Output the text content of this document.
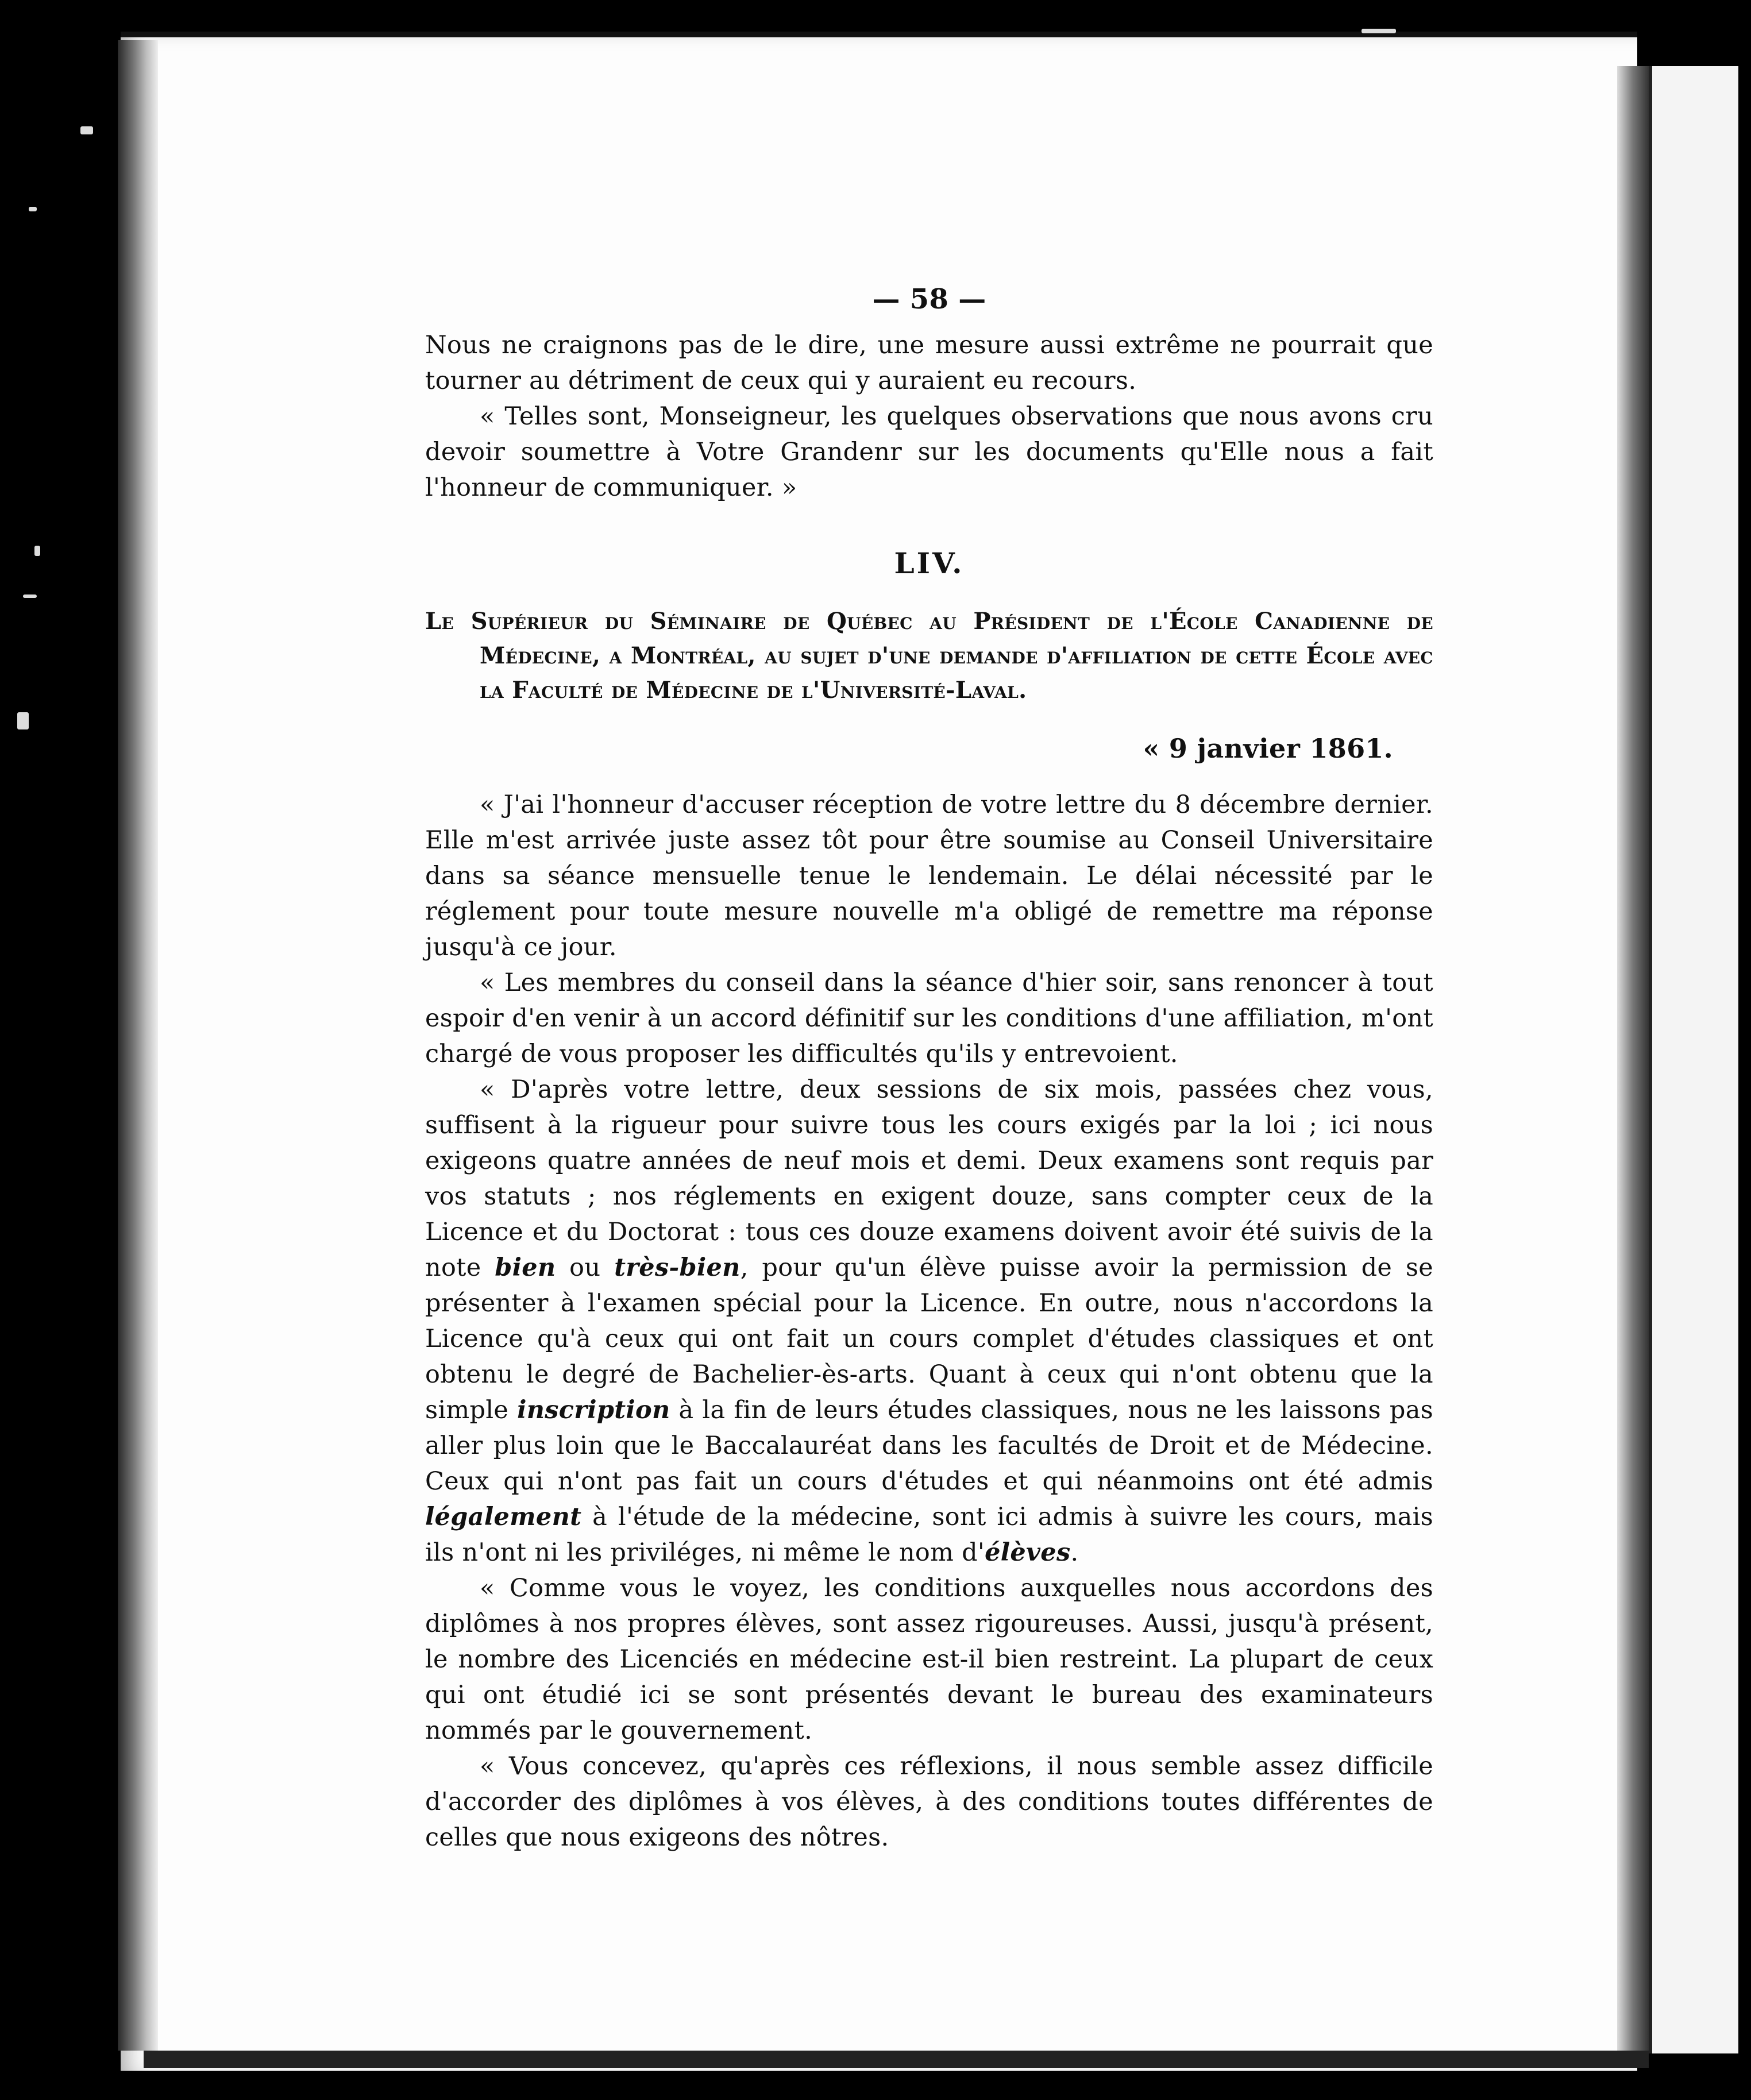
— 58 —

Nous ne craignons pas de le dire, une mesure aussi extrême ne pourrait que tourner au détriment de ceux qui y auraient eu recours.

« Telles sont, Monseigneur, les quelques observations que nous avons cru devoir soumettre à Votre Grandenr sur les documents qu'Elle nous a fait l'honneur de communiquer. »

LIV.

Le Supérieur du Séminaire de Québec au Président de l'École Canadienne de Médecine, a Montréal, au sujet d'une demande d'affiliation de cette École avec la Faculté de Médecine de l'Université-Laval.

« 9 janvier 1861.

« J'ai l'honneur d'accuser réception de votre lettre du 8 décembre dernier. Elle m'est arrivée juste assez tôt pour être soumise au Conseil Universitaire dans sa séance mensuelle tenue le lendemain. Le délai nécessité par le réglement pour toute mesure nouvelle m'a obligé de remettre ma réponse jusqu'à ce jour.

« Les membres du conseil dans la séance d'hier soir, sans renoncer à tout espoir d'en venir à un accord définitif sur les conditions d'une affiliation, m'ont chargé de vous proposer les difficultés qu'ils y entrevoient.

« D'après votre lettre, deux sessions de six mois, passées chez vous, suffisent à la rigueur pour suivre tous les cours exigés par la loi ; ici nous exigeons quatre années de neuf mois et demi. Deux examens sont requis par vos statuts ; nos réglements en exigent douze, sans compter ceux de la Licence et du Doctorat : tous ces douze examens doivent avoir été suivis de la note bien ou très-bien, pour qu'un élève puisse avoir la permission de se présenter à l'examen spécial pour la Licence. En outre, nous n'accordons la Licence qu'à ceux qui ont fait un cours complet d'études classiques et ont obtenu le degré de Bachelier-ès-arts. Quant à ceux qui n'ont obtenu que la simple inscription à la fin de leurs études classiques, nous ne les laissons pas aller plus loin que le Baccalauréat dans les facultés de Droit et de Médecine. Ceux qui n'ont pas fait un cours d'études et qui néanmoins ont été admis légalement à l'étude de la médecine, sont ici admis à suivre les cours, mais ils n'ont ni les priviléges, ni même le nom d'élèves.

« Comme vous le voyez, les conditions auxquelles nous accordons des diplômes à nos propres élèves, sont assez rigoureuses. Aussi, jusqu'à présent, le nombre des Licenciés en médecine est-il bien restreint. La plupart de ceux qui ont étudié ici se sont présentés devant le bureau des examinateurs nommés par le gouvernement.

« Vous concevez, qu'après ces réflexions, il nous semble assez difficile d'accorder des diplômes à vos élèves, à des conditions toutes différentes de celles que nous exigeons des nôtres.
